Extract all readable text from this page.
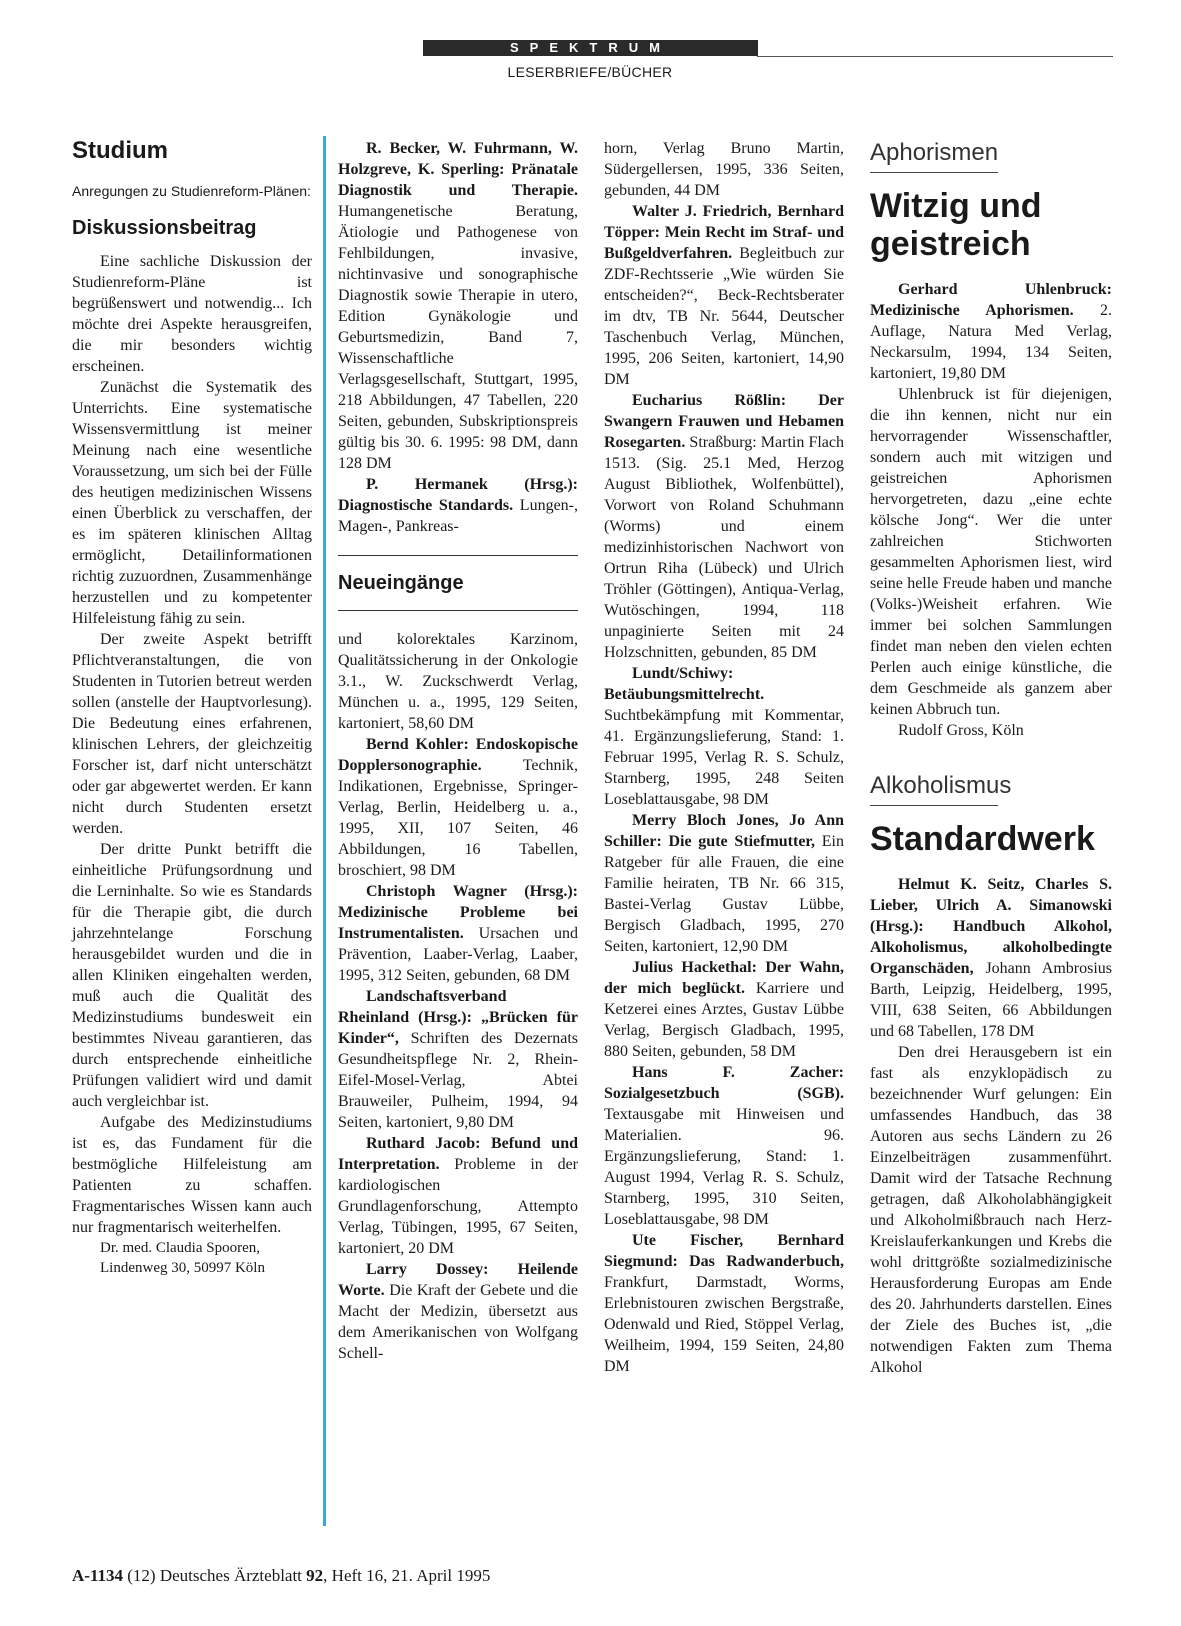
SPEKTRUM
LESERBRIEFE/BÜCHER
Studium
Anregungen zu Studienreform-Plänen:
Diskussionsbeitrag

Eine sachliche Diskussion der Studienreform-Pläne ist begrüßenswert und notwendig... Ich möchte drei Aspekte herausgreifen, die mir besonders wichtig erscheinen.

Zunächst die Systematik des Unterrichts. Eine systematische Wissensvermittlung ist meiner Meinung nach eine wesentliche Voraussetzung, um sich bei der Fülle des heutigen medizinischen Wissens einen Überblick zu verschaffen, der es im späteren klinischen Alltag ermöglicht, Detailinformationen richtig zuzuordnen, Zusammenhänge herzustellen und zu kompetenter Hilfeleistung fähig zu sein.

Der zweite Aspekt betrifft Pflichtveranstaltungen, die von Studenten in Tutorien betreut werden sollen (anstelle der Hauptvorlesung). Die Bedeutung eines erfahrenen, klinischen Lehrers, der gleichzeitig Forscher ist, darf nicht unterschätzt oder gar abgewertet werden. Er kann nicht durch Studenten ersetzt werden.

Der dritte Punkt betrifft die einheitliche Prüfungsordnung und die Lerninhalte. So wie es Standards für die Therapie gibt, die durch jahrzehntelange Forschung herausgebildet wurden und die in allen Kliniken eingehalten werden, muß auch die Qualität des Medizinstudiums bundesweit ein bestimmtes Niveau garantieren, das durch entsprechende einheitliche Prüfungen validiert wird und damit auch vergleichbar ist.

Aufgabe des Medizinstudiums ist es, das Fundament für die bestmögliche Hilfeleistung am Patienten zu schaffen. Fragmentarisches Wissen kann auch nur fragmentarisch weiterhelfen.

Dr. med. Claudia Spooren,
Lindenweg 30, 50997 Köln

R. Becker, W. Fuhrmann, W. Holzgreve, K. Sperling: Pränatale Diagnostik und Therapie. Humangenetische Beratung, Ätiologie und Pathogenese von Fehlbildungen, invasive, nichtinvasive und sonographische Diagnostik sowie Therapie in utero, Edition Gynäkologie und Geburtsmedizin, Band 7, Wissenschaftliche Verlagsgesellschaft, Stuttgart, 1995, 218 Abbildungen, 47 Tabellen, 220 Seiten, gebunden, Subskriptionspreis gültig bis 30. 6. 1995: 98 DM, dann 128 DM

P. Hermanek (Hrsg.): Diagnostische Standards. Lungen-, Magen-, Pankreas-

Neueingänge

und kolorektales Karzinom, Qualitätssicherung in der Onkologie 3.1., W. Zuckschwerdt Verlag, München u. a., 1995, 129 Seiten, kartoniert, 58,60 DM

Bernd Kohler: Endoskopische Dopplersonographie. Technik, Indikationen, Ergebnisse, Springer-Verlag, Berlin, Heidelberg u. a., 1995, XII, 107 Seiten, 46 Abbildungen, 16 Tabellen, broschiert, 98 DM

Christoph Wagner (Hrsg.): Medizinische Probleme bei Instrumentalisten. Ursachen und Prävention, Laaber-Verlag, Laaber, 1995, 312 Seiten, gebunden, 68 DM

Landschaftsverband Rheinland (Hrsg.): „Brücken für Kinder“, Schriften des Dezernats Gesundheitspflege Nr. 2, Rhein-Eifel-Mosel-Verlag, Abtei Brauweiler, Pulheim, 1994, 94 Seiten, kartoniert, 9,80 DM

Ruthard Jacob: Befund und Interpretation. Probleme in der kardiologischen Grundlagenforschung, Attempto Verlag, Tübingen, 1995, 67 Seiten, kartoniert, 20 DM

Larry Dossey: Heilende Worte. Die Kraft der Gebete und die Macht der Medizin, übersetzt aus dem Amerikanischen von Wolfgang Schell-

horn, Verlag Bruno Martin, Südergellersen, 1995, 336 Seiten, gebunden, 44 DM

Walter J. Friedrich, Bernhard Töpper: Mein Recht im Straf- und Bußgeldverfahren. Begleitbuch zur ZDF-Rechtsserie „Wie würden Sie entscheiden?“, Beck-Rechtsberater im dtv, TB Nr. 5644, Deutscher Taschenbuch Verlag, München, 1995, 206 Seiten, kartoniert, 14,90 DM

Eucharius Rößlin: Der Swangern Frauwen und Hebamen Rosegarten. Straßburg: Martin Flach 1513. (Sig. 25.1 Med, Herzog August Bibliothek, Wolfenbüttel), Vorwort von Roland Schuhmann (Worms) und einem medizinhistorischen Nachwort von Ortrun Riha (Lübeck) und Ulrich Tröhler (Göttingen), Antiqua-Verlag, Wutöschingen, 1994, 118 unpaginierte Seiten mit 24 Holzschnitten, gebunden, 85 DM

Lundt/Schiwy: Betäubungsmittelrecht. Suchtbekämpfung mit Kommentar, 41. Ergänzungslieferung, Stand: 1. Februar 1995, Verlag R. S. Schulz, Starnberg, 1995, 248 Seiten Loseblattausgabe, 98 DM

Merry Bloch Jones, Jo Ann Schiller: Die gute Stiefmutter, Ein Ratgeber für alle Frauen, die eine Familie heiraten, TB Nr. 66 315, Bastei-Verlag Gustav Lübbe, Bergisch Gladbach, 1995, 270 Seiten, kartoniert, 12,90 DM

Julius Hackethal: Der Wahn, der mich beglückt. Karriere und Ketzerei eines Arztes, Gustav Lübbe Verlag, Bergisch Gladbach, 1995, 880 Seiten, gebunden, 58 DM

Hans F. Zacher: Sozialgesetzbuch (SGB). Textausgabe mit Hinweisen und Materialien. 96. Ergänzungslieferung, Stand: 1. August 1994, Verlag R. S. Schulz, Starnberg, 1995, 310 Seiten, Loseblattausgabe, 98 DM

Ute Fischer, Bernhard Siegmund: Das Radwanderbuch, Frankfurt, Darmstadt, Worms, Erlebnistouren zwischen Bergstraße, Odenwald und Ried, Stöppel Verlag, Weilheim, 1994, 159 Seiten, 24,80 DM

Aphorismen
Witzig und geistreich

Gerhard Uhlenbruck: Medizinische Aphorismen. 2. Auflage, Natura Med Verlag, Neckarsulm, 1994, 134 Seiten, kartoniert, 19,80 DM

Uhlenbruck ist für diejenigen, die ihn kennen, nicht nur ein hervorragender Wissenschaftler, sondern auch mit witzigen und geistreichen Aphorismen hervorgetreten, dazu „eine echte kölsche Jong“. Wer die unter zahlreichen Stichworten gesammelten Aphorismen liest, wird seine helle Freude haben und manche (Volks-)Weisheit erfahren. Wie immer bei solchen Sammlungen findet man neben den vielen echten Perlen auch einige künstliche, die dem Geschmeide als ganzem aber keinen Abbruch tun.

Rudolf Gross, Köln

Alkoholismus
Standardwerk

Helmut K. Seitz, Charles S. Lieber, Ulrich A. Simanowski (Hrsg.): Handbuch Alkohol, Alkoholismus, alkoholbedingte Organschäden, Johann Ambrosius Barth, Leipzig, Heidelberg, 1995, VIII, 638 Seiten, 66 Abbildungen und 68 Tabellen, 178 DM

Den drei Herausgebern ist ein fast als enzyklopädisch zu bezeichnender Wurf gelungen: Ein umfassendes Handbuch, das 38 Autoren aus sechs Ländern zu 26 Einzelbeiträgen zusammenführt. Damit wird der Tatsache Rechnung getragen, daß Alkoholabhängigkeit und Alkoholmißbrauch nach Herz-Kreislauferkankungen und Krebs die wohl drittgrößte sozialmedizinische Herausforderung Europas am Ende des 20. Jahrhunderts darstellen. Eines der Ziele des Buches ist, „die notwendigen Fakten zum Thema Alkohol

A-1134 (12) Deutsches Ärzteblatt 92, Heft 16, 21. April 1995
